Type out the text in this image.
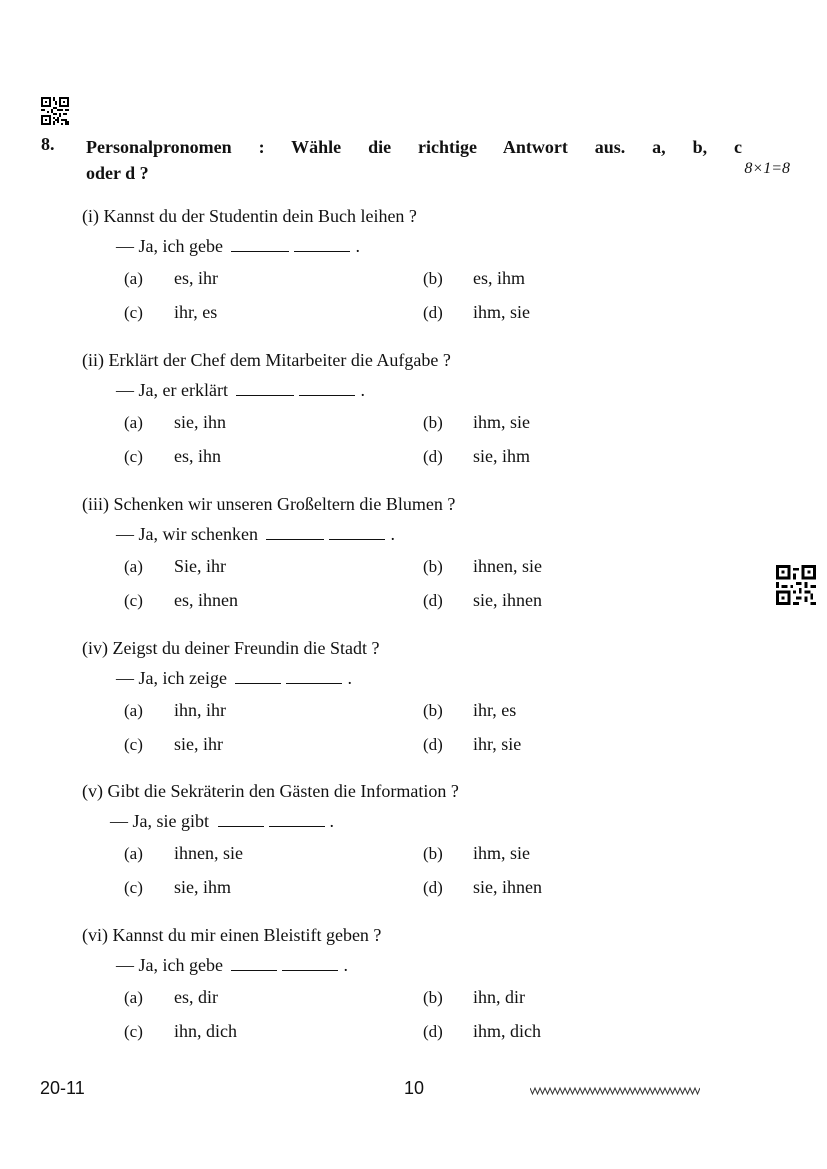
8. Personalpronomen : Wähle die richtige Antwort aus. a, b, c
oder d ?	8×1=8
(i) Kannst du der Studentin dein Buch leihen ?
— Ja, ich gebe	.
(a) es, ihr	(b) es, ihm
(c) ihr, es	(d) ihm, sie
(ii) Erklärt der Chef dem Mitarbeiter die Aufgabe ?
— Ja, er erklärt	.
(a) sie, ihn	(b) ihm, sie
(c) es, ihn	(d) sie, ihm
(iii) Schenken wir unseren Großeltern die Blumen ?
— Ja, wir schenken	.
(a) Sie, ihr	(b) ihnen, sie
(c) es, ihnen	(d) sie, ihnen
(iv) Zeigst du deiner Freundin die Stadt ?
— Ja, ich zeige	.
(a) ihn, ihr	(b) ihr, es
(c) sie, ihr	(d) ihr, sie
(v) Gibt die Sekräterin den Gästen die Information ?
— Ja, sie gibt	.
(a) ihnen, sie	(b) ihm, sie
(c) sie, ihm	(d) sie, ihnen
(vi) Kannst du mir einen Bleistift geben ?
— Ja, ich gebe	.
(a) es, dir	(b) ihn, dir
(c) ihn, dich	(d) ihm, dich
20-11	10
